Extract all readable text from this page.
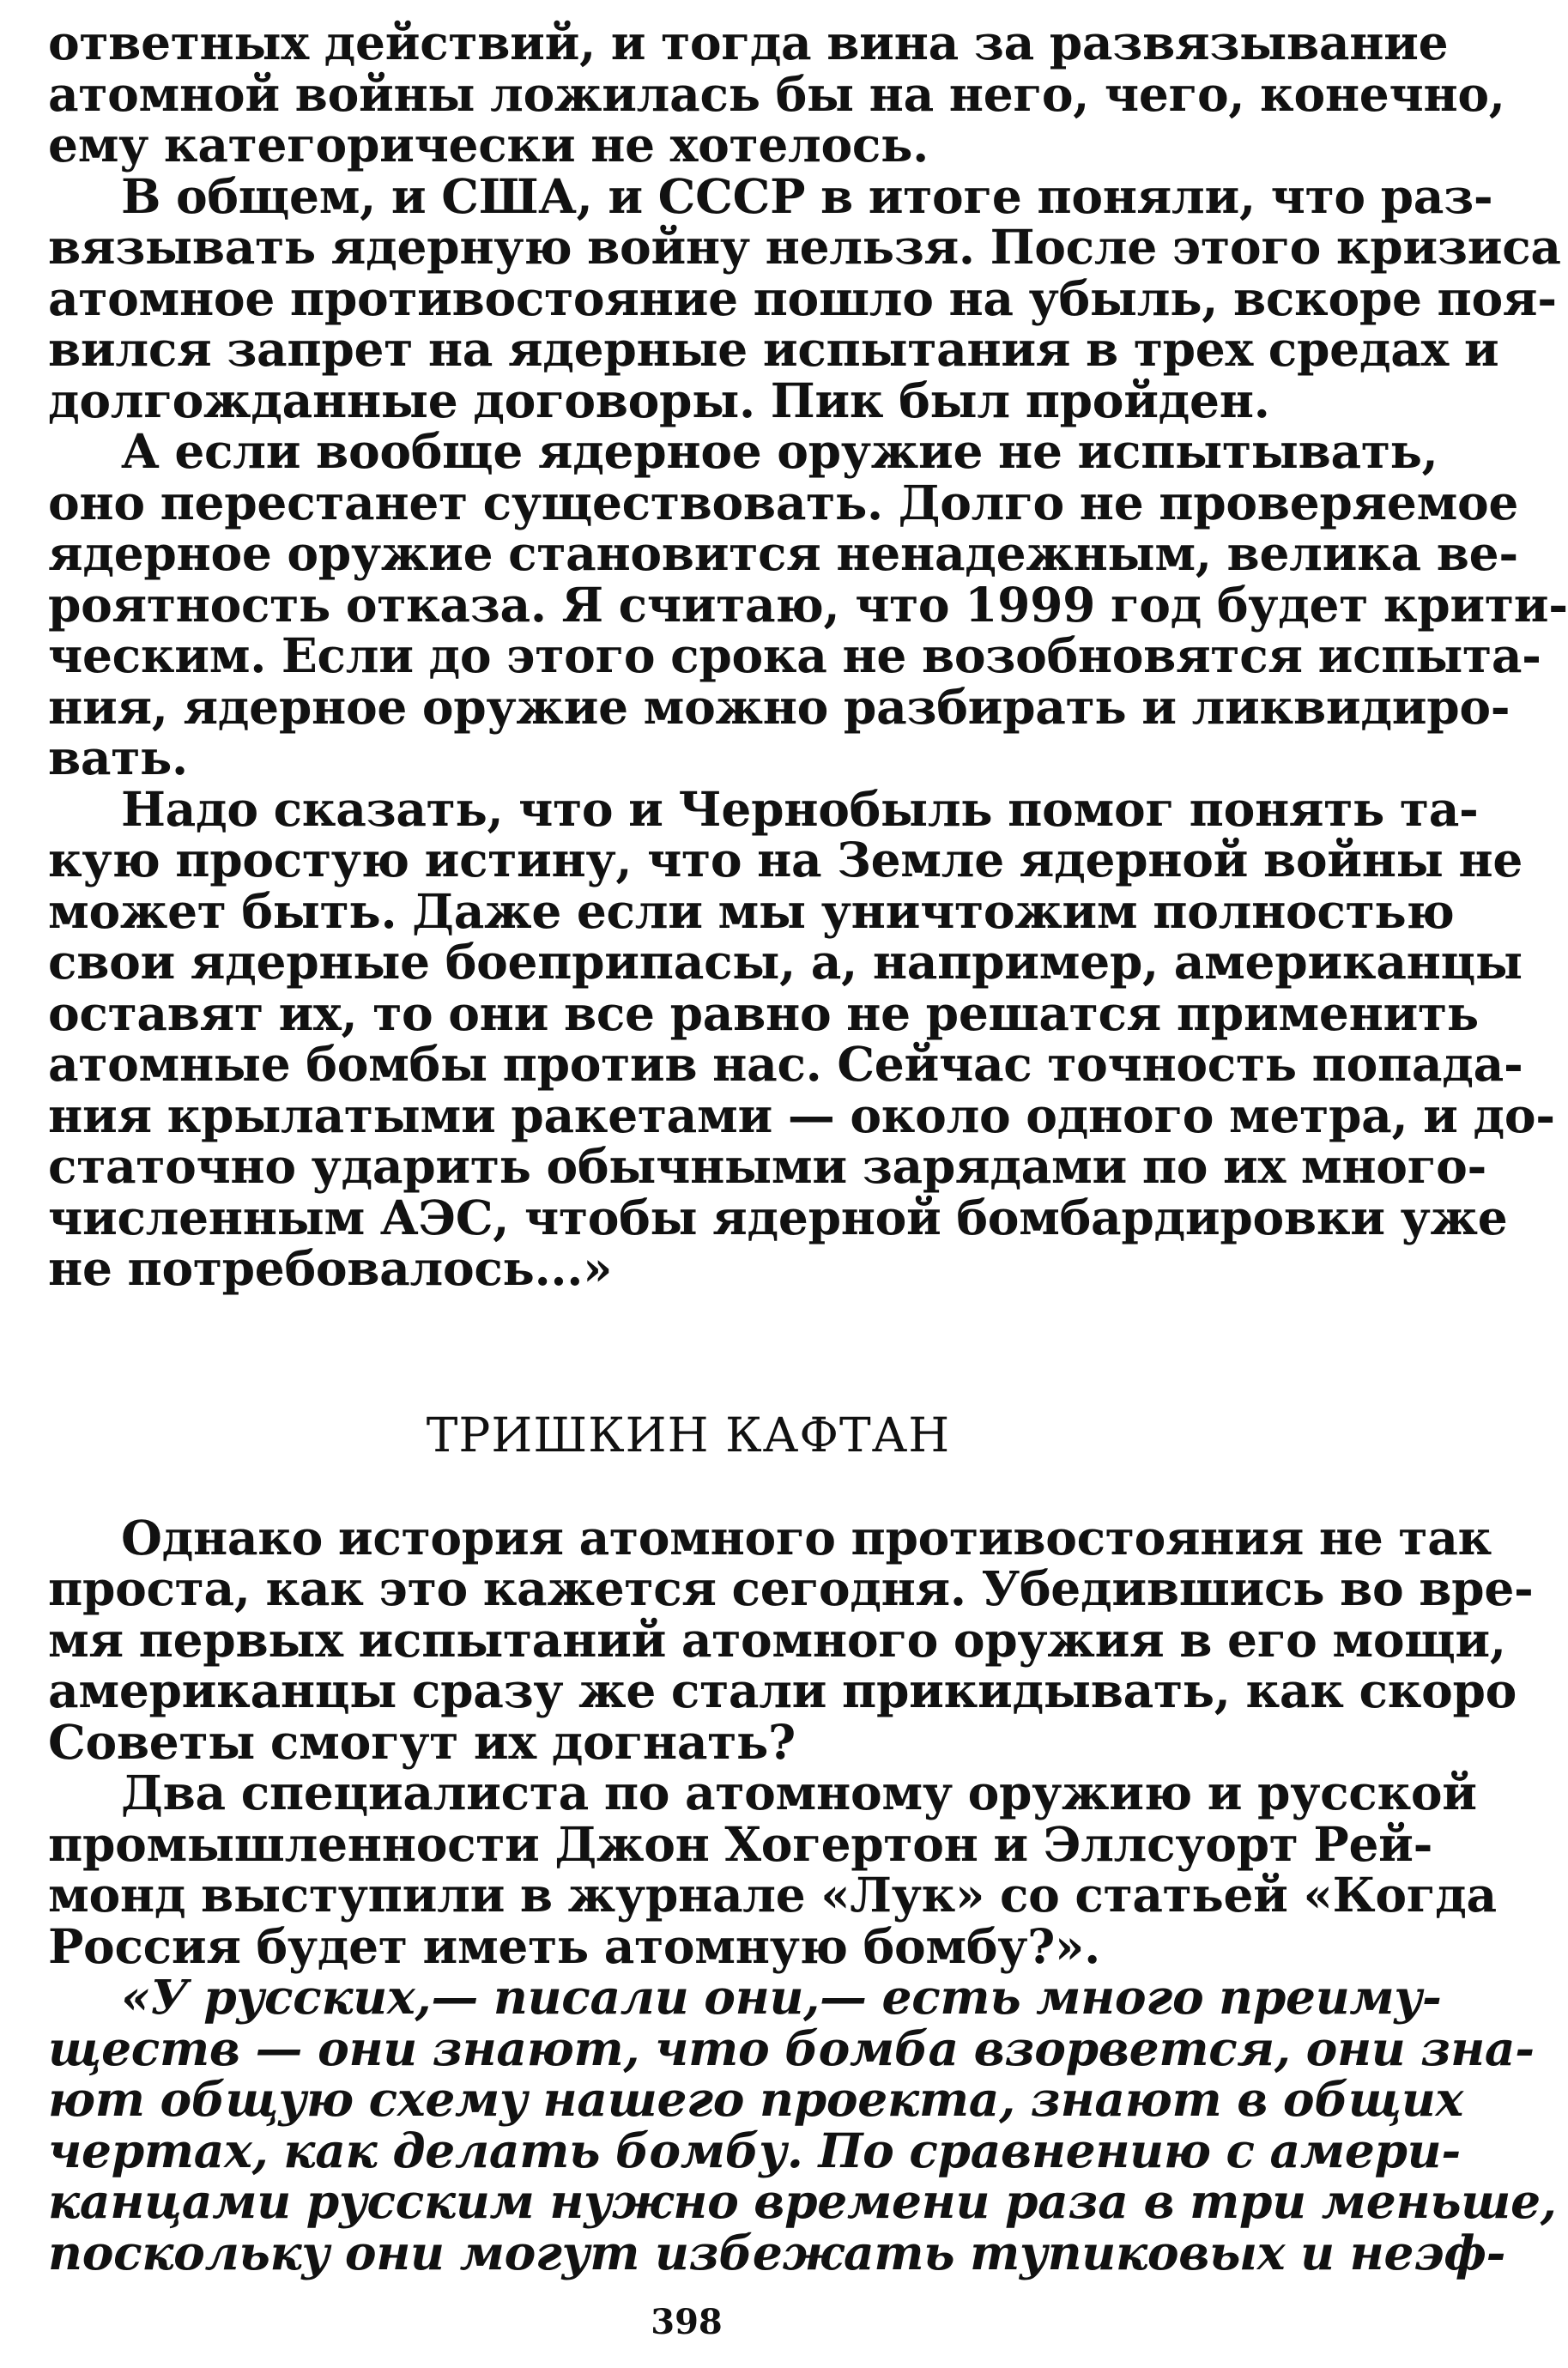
ответных действий, и тогда вина за развязывание
атомной войны ложилась бы на него, чего, конечно,
ему категорически не хотелось.

В общем, и США, и СССР в итоге поняли, что раз-
вязывать ядерную войну нельзя. После этого кризиса
атомное противостояние пошло на убыль, вскоре поя-
вился запрет на ядерные испытания в трех средах и
долгожданные договоры. Пик был пройден.

А если вообще ядерное оружие не испытывать,
оно перестанет существовать. Долго не проверяемое
ядерное оружие становится ненадежным, велика ве-
роятность отказа. Я считаю, что 1999 год будет крити-
ческим. Если до этого срока не возобновятся испыта-
ния, ядерное оружие можно разбирать и ликвидиро-
вать.

Надо сказать, что и Чернобыль помог понять та-
кую простую истину, что на Земле ядерной войны не
может быть. Даже если мы уничтожим полностью
свои ядерные боеприпасы, а, например, американцы
оставят их, то они все равно не решатся применить
атомные бомбы против нас. Сейчас точность попада-
ния крылатыми ракетами — около одного метра, и до-
статочно ударить обычными зарядами по их много-
численным АЭС, чтобы ядерной бомбардировки уже
не потребовалось...»

ТРИШКИН КАФТАН

Однако история атомного противостояния не так
проста, как это кажется сегодня. Убедившись во вре-
мя первых испытаний атомного оружия в его мощи,
американцы сразу же стали прикидывать, как скоро
Советы смогут их догнать?

Два специалиста по атомному оружию и русской
промышленности Джон Хогертон и Эллсуорт Рей-
монд выступили в журнале «Лук» со статьей «Когда
Россия будет иметь атомную бомбу?».

«У русских,— писали они,— есть много преиму-
ществ — они знают, что бомба взорвется, они зна-
ют общую схему нашего проекта, знают в общих
чертах, как делать бомбу. По сравнению с амери-
канцами русским нужно времени раза в три меньше,
поскольку они могут избежать тупиковых и неэф-

398
